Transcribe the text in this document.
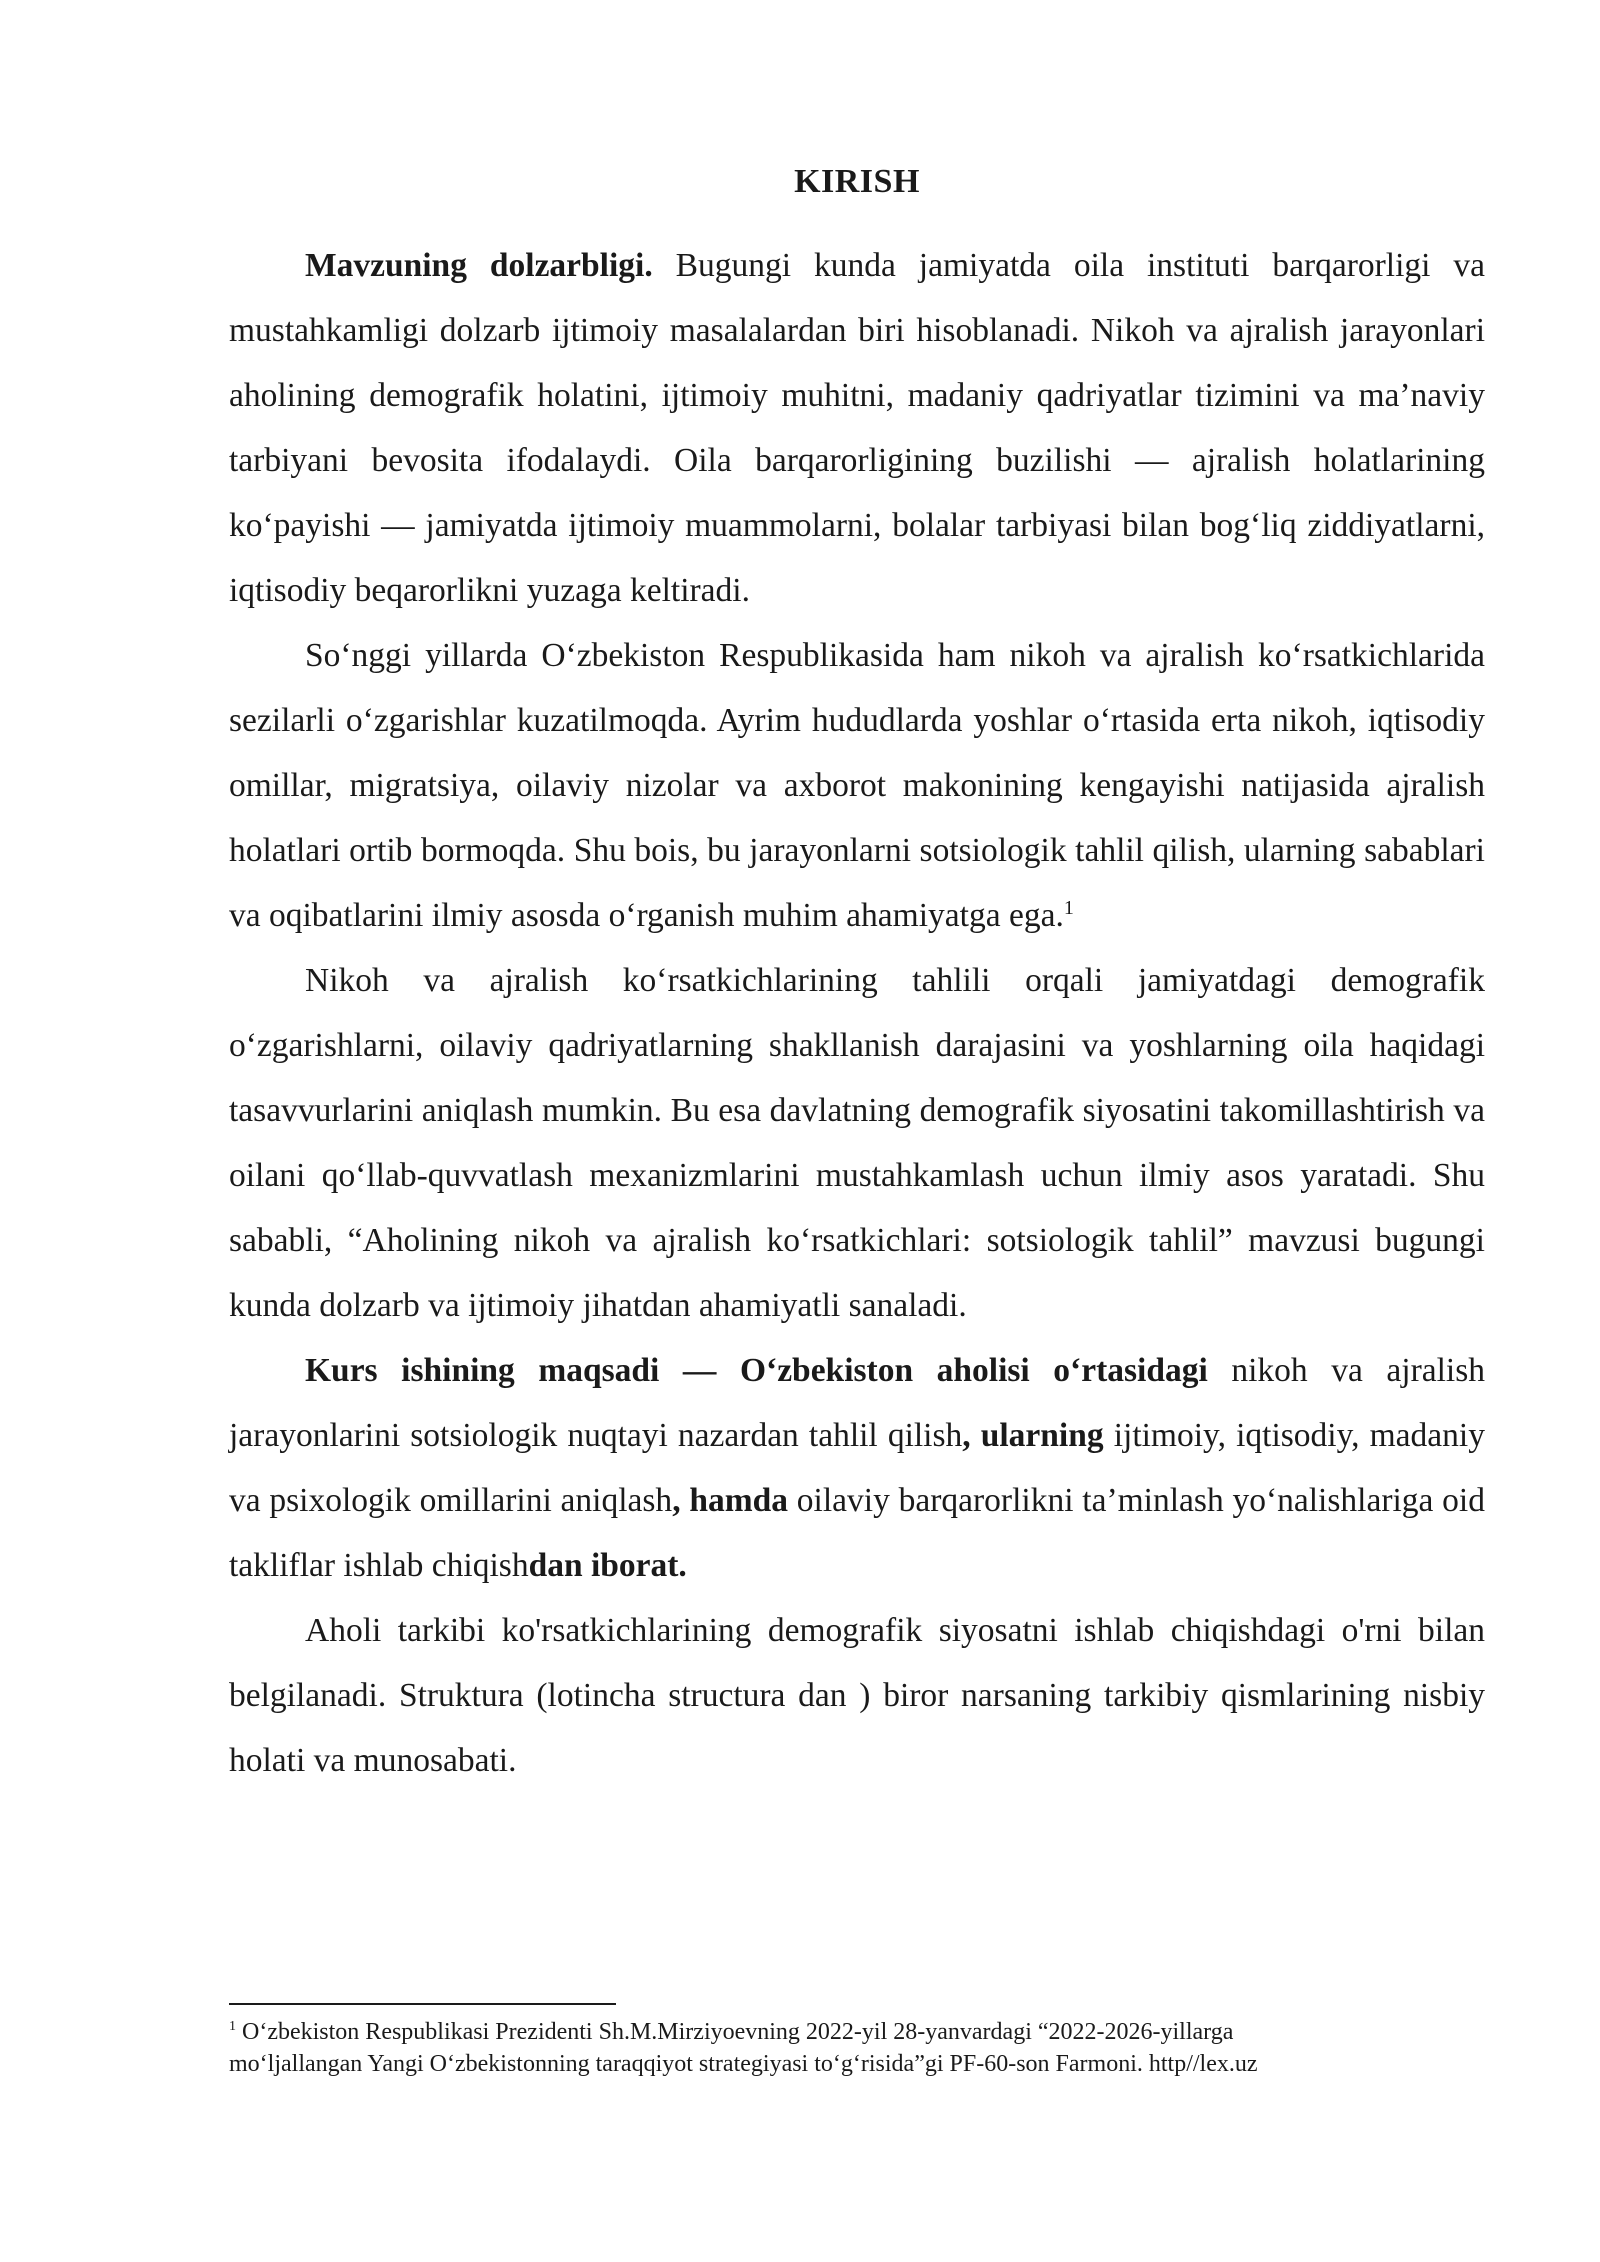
KIRISH

Mavzuning dolzarbligi. Bugungi kunda jamiyatda oila instituti barqarorligi va mustahkamligi dolzarb ijtimoiy masalalardan biri hisoblanadi. Nikoh va ajralish jarayonlari aholining demografik holatini, ijtimoiy muhitni, madaniy qadriyatlar tizimini va ma’naviy tarbiyani bevosita ifodalaydi. Oila barqarorligining buzilishi — ajralish holatlarining ko‘payishi — jamiyatda ijtimoiy muammolarni, bolalar tarbiyasi bilan bog‘liq ziddiyatlarni, iqtisodiy beqarorlikni yuzaga keltiradi.

So‘nggi yillarda O‘zbekiston Respublikasida ham nikoh va ajralish ko‘rsatkichlarida sezilarli o‘zgarishlar kuzatilmoqda. Ayrim hududlarda yoshlar o‘rtasida erta nikoh, iqtisodiy omillar, migratsiya, oilaviy nizolar va axborot makonining kengayishi natijasida ajralish holatlari ortib bormoqda. Shu bois, bu jarayonlarni sotsiologik tahlil qilish, ularning sabablari va oqibatlarini ilmiy asosda o‘rganish muhim ahamiyatga ega.$^1$

Nikoh va ajralish ko‘rsatkichlarining tahlili orqali jamiyatdagi demografik o‘zgarishlarni, oilaviy qadriyatlarning shakllanish darajasini va yoshlarning oila haqidagi tasavvurlarini aniqlash mumkin. Bu esa davlatning demografik siyosatini takomillashtirish va oilani qo‘llab-quvvatlash mexanizmlarini mustahkamlash uchun ilmiy asos yaratadi. Shu sababli, “Aholining nikoh va ajralish ko‘rsatkichlari: sotsiologik tahlil” mavzusi bugungi kunda dolzarb va ijtimoiy jihatdan ahamiyatli sanaladi.

Kurs ishining maqsadi — O‘zbekiston aholisi o‘rtasidagi nikoh va ajralish jarayonlarini sotsiologik nuqtayi nazardan tahlil qilish, ularning ijtimoiy, iqtisodiy, madaniy va psixologik omillarini aniqlash, hamda oilaviy barqarorlikni ta’minlash yo‘nalishlariga oid takliflar ishlab chiqishdan iborat.

Aholi tarkibi ko'rsatkichlarining demografik siyosatni ishlab chiqishdagi o'rni bilan belgilanadi. Struktura (lotincha structura dan ) biror narsaning tarkibiy qismlarining nisbiy holati va munosabati.

$^1$ O‘zbekiston Respublikasi Prezidenti Sh.M.Mirziyoevning 2022-yil 28-yanvardagi “2022-2026-yillarga
mo‘ljallangan Yangi O‘zbekistonning taraqqiyot strategiyasi to‘g‘risida”gi PF-60-son Farmoni. http//lex.uz
